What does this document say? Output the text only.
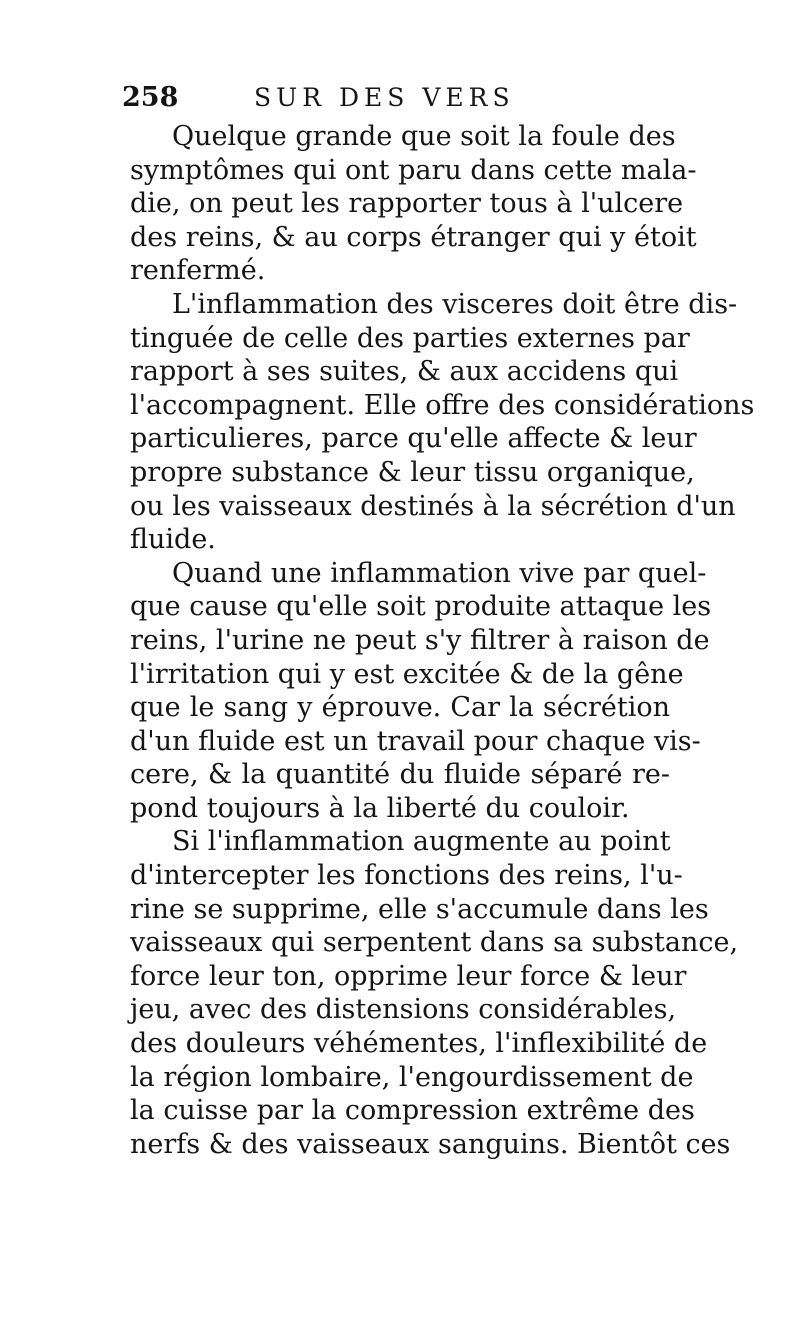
258	SUR DES VERS
Quelque grande que soit la foule des
symptômes qui ont paru dans cette mala-
die, on peut les rapporter tous à l'ulcere
des reins, & au corps étranger qui y étoit
renfermé.
L'inflammation des visceres doit être dis-
tinguée de celle des parties externes par
rapport à ses suites, & aux accidens qui
l'accompagnent. Elle offre des considérations
particulieres, parce qu'elle affecte & leur
propre substance & leur tissu organique,
ou les vaisseaux destinés à la sécrétion d'un
fluide.
Quand une inflammation vive par quel-
que cause qu'elle soit produite attaque les
reins, l'urine ne peut s'y filtrer à raison de
l'irritation qui y est excitée & de la gêne
que le sang y éprouve. Car la sécrétion
d'un fluide est un travail pour chaque vis-
cere, & la quantité du fluide séparé re-
pond toujours à la liberté du couloir.
Si l'inflammation augmente au point
d'intercepter les fonctions des reins, l'u-
rine se supprime, elle s'accumule dans les
vaisseaux qui serpentent dans sa substance,
force leur ton, opprime leur force & leur
jeu, avec des distensions considérables,
des douleurs véhémentes, l'inflexibilité de
la région lombaire, l'engourdissement de
la cuisse par la compression extrême des
nerfs & des vaisseaux sanguins. Bientôt ces
